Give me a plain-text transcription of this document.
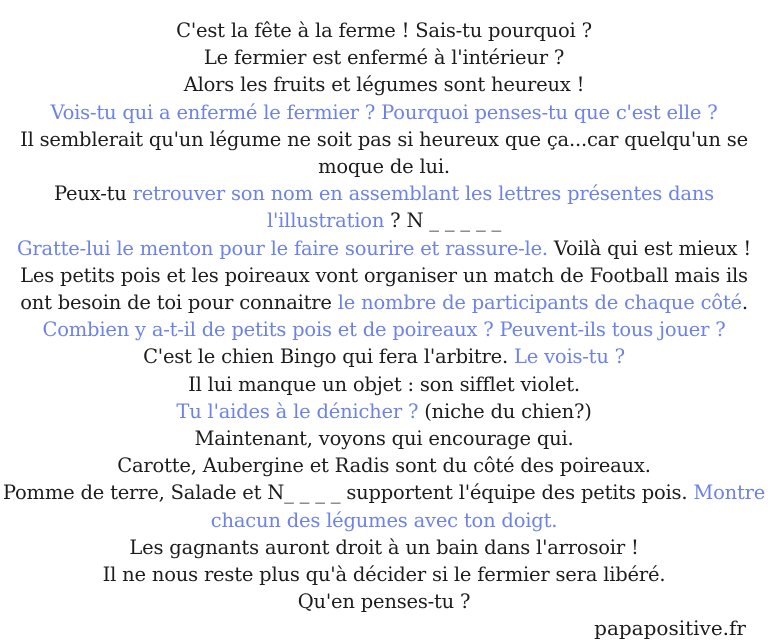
C'est la fête à la ferme ! Sais-tu pourquoi ?
Le fermier est enfermé à l'intérieur ?
Alors les fruits et légumes sont heureux !
Vois-tu qui a enfermé le fermier ? Pourquoi penses-tu que c'est elle ?
Il semblerait qu'un légume ne soit pas si heureux que ça...car quelqu'un se
moque de lui.
Peux-tu retrouver son nom en assemblant les lettres présentes dans
l'illustration ? N _ _ _ _ _
Gratte-lui le menton pour le faire sourire et rassure-le. Voilà qui est mieux !
Les petits pois et les poireaux vont organiser un match de Football mais ils
ont besoin de toi pour connaitre le nombre de participants de chaque côté.
Combien y a-t-il de petits pois et de poireaux ? Peuvent-ils tous jouer ?
C'est le chien Bingo qui fera l'arbitre. Le vois-tu ?
Il lui manque un objet : son sifflet violet.
Tu l'aides à le dénicher ? (niche du chien?)
Maintenant, voyons qui encourage qui.
Carotte, Aubergine et Radis sont du côté des poireaux.
Pomme de terre, Salade et N_ _ _ _ supportent l'équipe des petits pois. Montre
chacun des légumes avec ton doigt.
Les gagnants auront droit à un bain dans l'arrosoir !
Il ne nous reste plus qu'à décider si le fermier sera libéré.
Qu'en penses-tu ?
papapositive.fr
